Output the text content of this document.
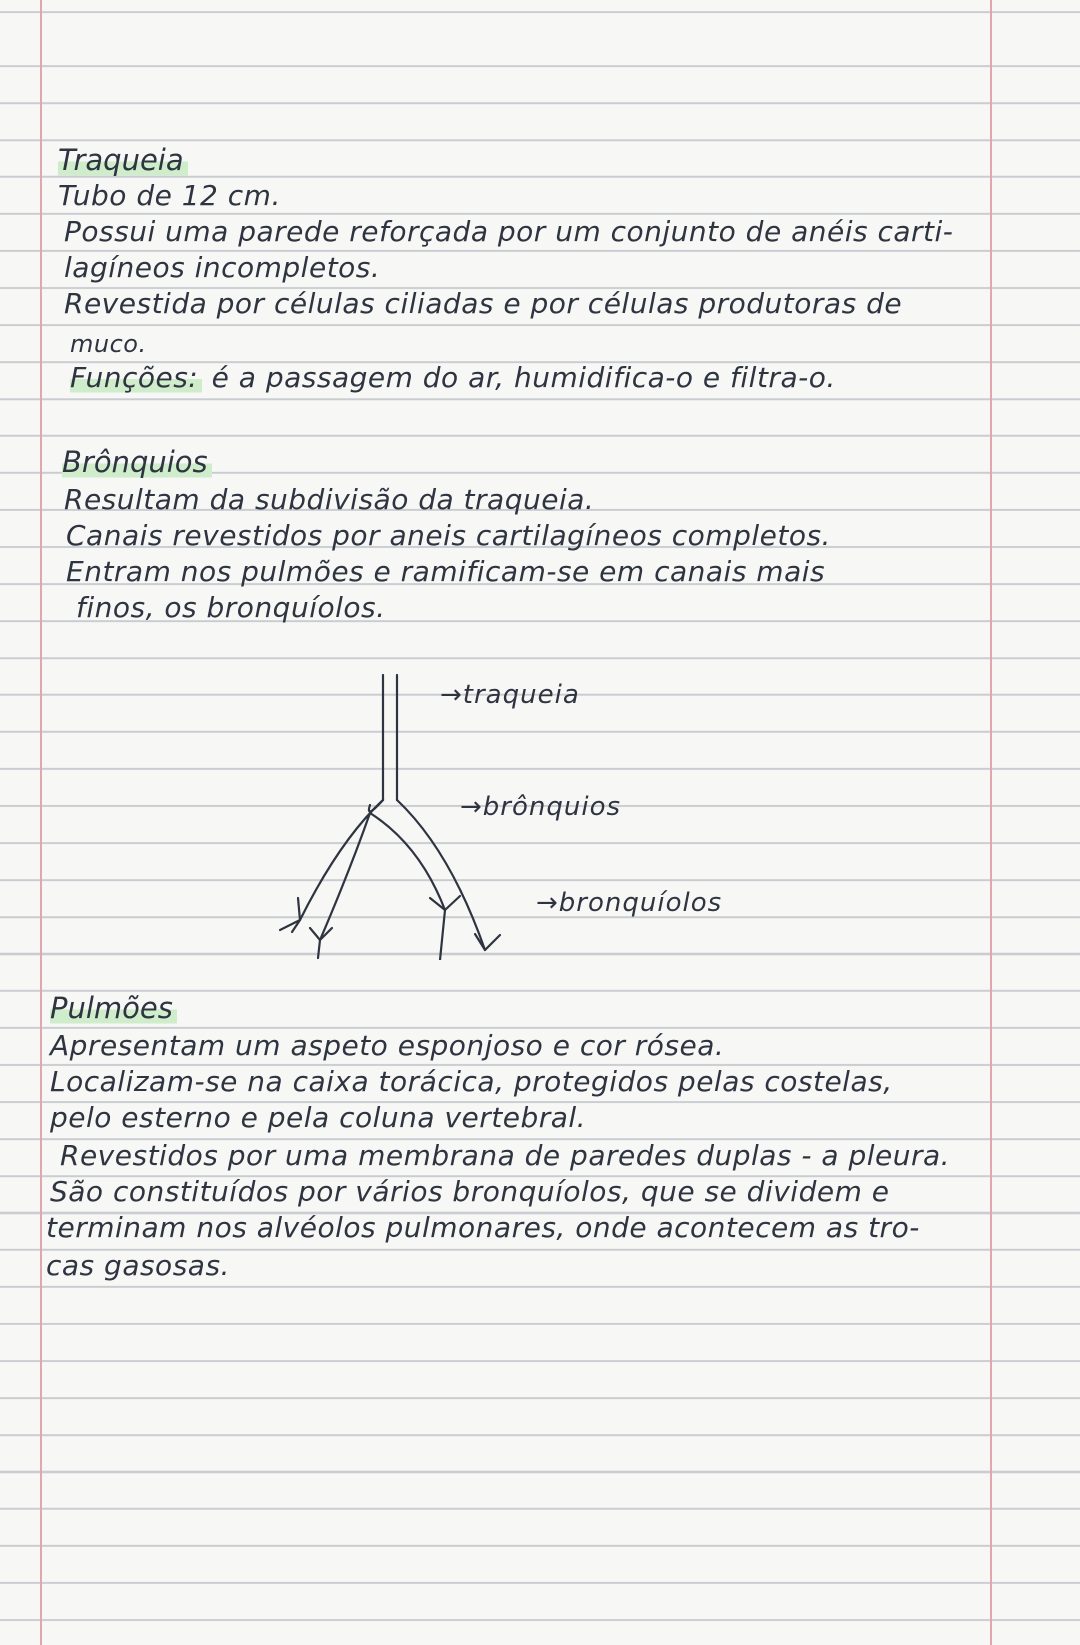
Traqueia
Tubo de 12 cm.
Possui uma parede reforçada por um conjunto de anéis carti-
lagíneos incompletos.
Revestida por células ciliadas e por células produtoras de
muco.
Funções: é a passagem do ar, humidifica-o e filtra-o.
Brônquios
Resultam da subdivisão da traqueia.
Canais revestidos por aneis cartilagíneos completos.
Entram nos pulmões e ramificam-se em canais mais
finos, os bronquíolos.
→traqueia
→brônquios
→bronquíolos
Pulmões
Apresentam um aspeto esponjoso e cor rósea.
Localizam-se na caixa torácica, protegidos pelas costelas,
pelo esterno e pela coluna vertebral.
Revestidos por uma membrana de paredes duplas - a pleura.
São constituídos por vários bronquíolos, que se dividem e
terminam nos alvéolos pulmonares, onde acontecem as tro-
cas gasosas.
